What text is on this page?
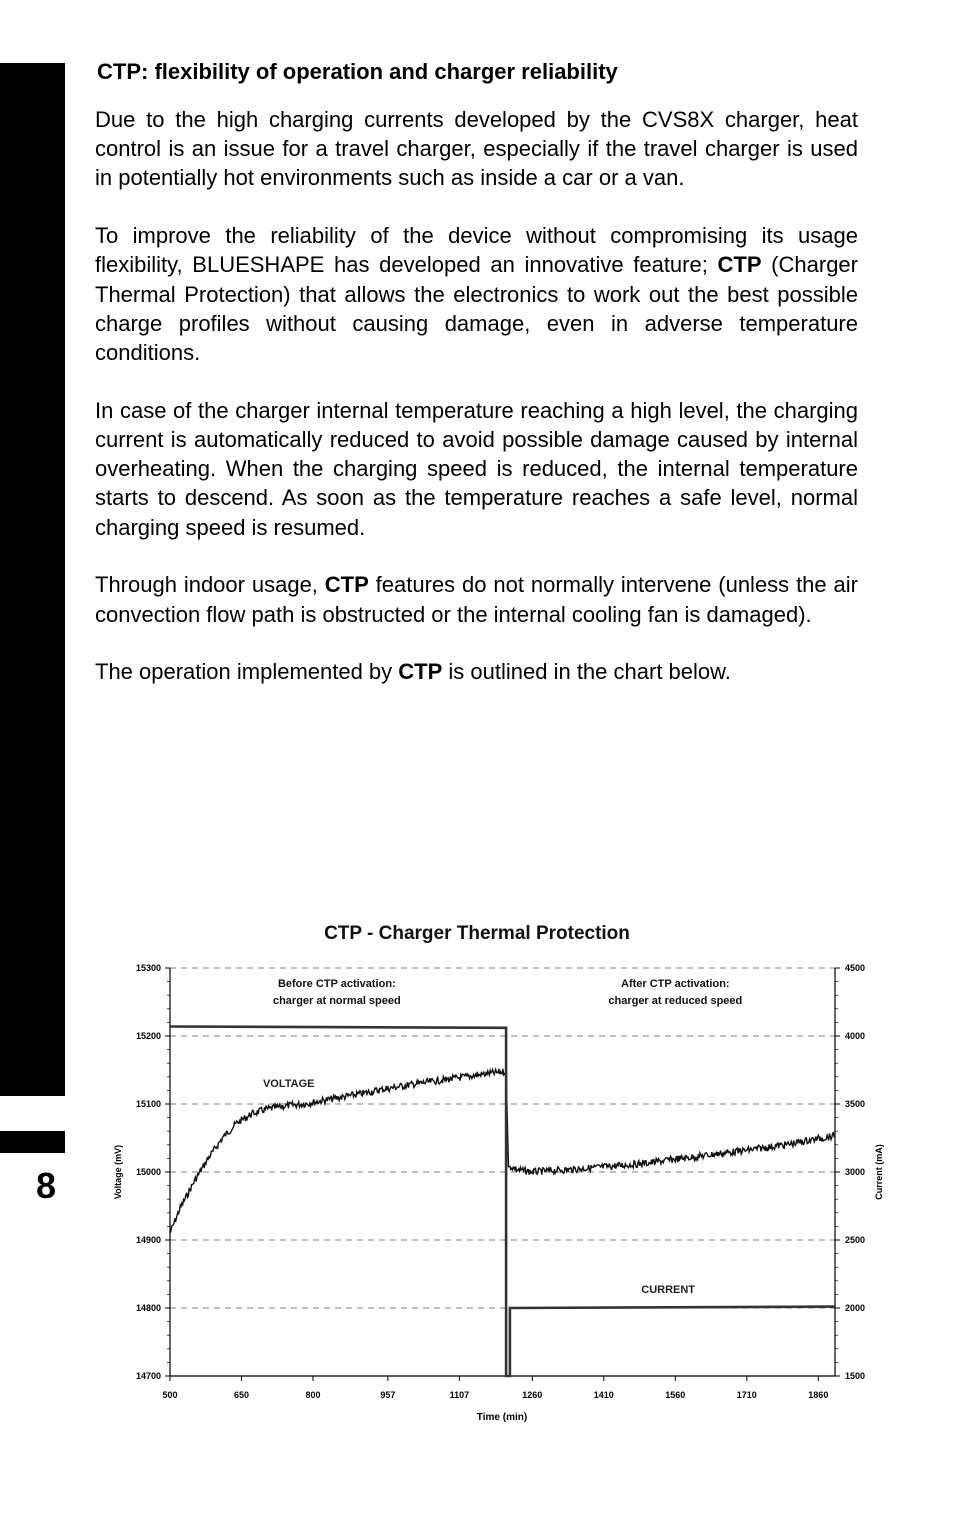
8
CTP: flexibility of operation and charger reliability

Due to the high charging currents developed by the CVS8X charger, heat control is an issue for a travel charger, especially if the travel charger is used in potentially hot environments such as inside a car or a van.

To improve the reliability of the device without compromising its usage flexibility, BLUESHAPE has developed an innovative feature; CTP (Charger Thermal Protection) that allows the electronics to work out the best possible charge profiles without causing damage, even in adverse temperature conditions.

In case of the charger internal temperature reaching a high level, the charging current is automatically reduced to avoid possible damage caused by internal overheating. When the charging speed is reduced, the internal temperature starts to descend. As soon as the temperature reaches a safe level, normal charging speed is resumed.

Through indoor usage, CTP features do not normally intervene (unless the air convection flow path is obstructed or the internal cooling fan is damaged).

The operation implemented by CTP is outlined in the chart below.

CTP - Charger Thermal Protection
14700
14800
14900
15000
15100
15200
15300
1500
2000
2500
3000
3500
4000
4500
500	650	800	957	1107	1260	1410	1560	1710	1860
VOLTAGE
CURRENT
Before CTP activation:
charger at normal speed
After CTP activation:
charger at reduced speed
Time (min)
Voltage (mV)	Current (mA)
